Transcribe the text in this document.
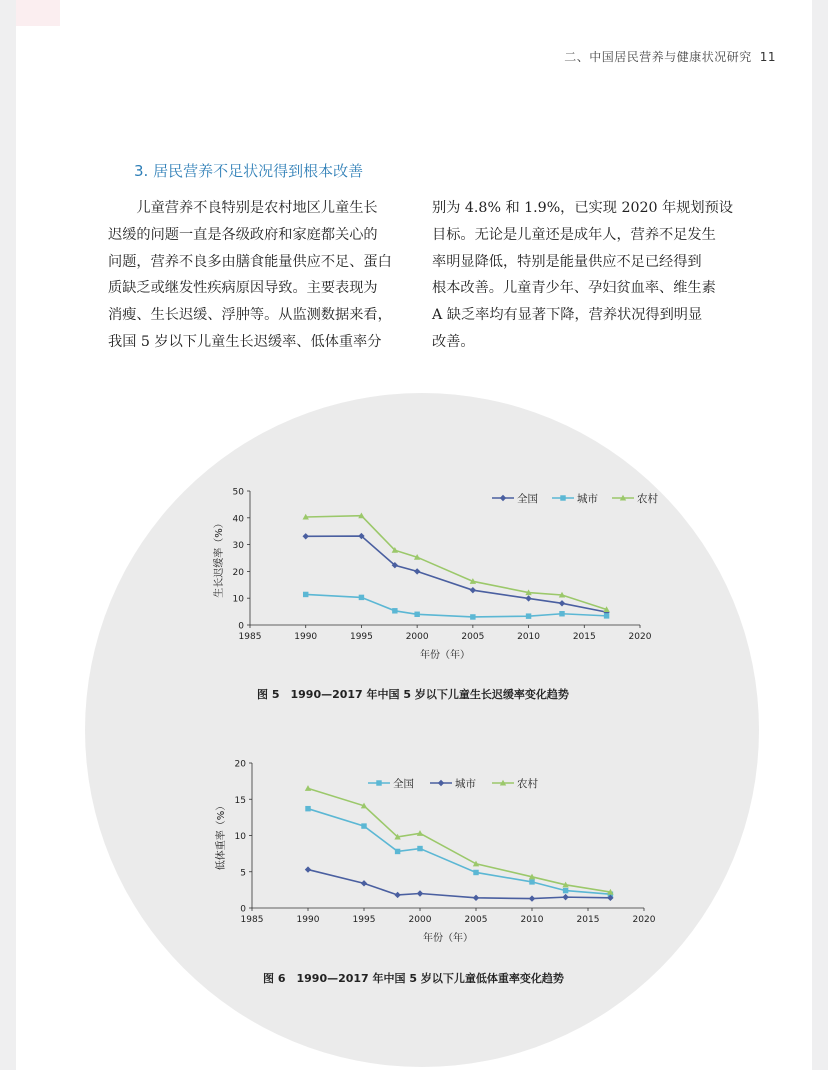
二、中国居民营养与健康状况研究 11
3. 居民营养不足状况得到根本改善

儿童营养不良特别是农村地区儿童生长

迟缓的问题一直是各级政府和家庭都关心的

问题，营养不良多由膳食能量供应不足、蛋白

质缺乏或继发性疾病原因导致。主要表现为

消瘦、生长迟缓、浮肿等。从监测数据来看，

我国 5 岁以下儿童生长迟缓率、低体重率分

别为 4.8% 和 1.9%，已实现 2020 年规划预设

目标。无论是儿童还是成年人，营养不足发生

率明显降低，特别是能量供应不足已经得到

根本改善。儿童青少年、孕妇贫血率、维生素

A 缺乏率均有显著下降，营养状况得到明显

改善。

0
10
20
30
40
50
1985	1990	1995	2000	2005	2010	2015	2020
年份（年）
生长迟缓率（%）
全国	城市	农村
图 5　1990—2017 年中国 5 岁以下儿童生长迟缓率变化趋势
0
5
10
15
20
1985	1990	1995	2000	2005	2010	2015	2020
年份（年）
低体重率（%）
全国	城市	农村
图 6　1990—2017 年中国 5 岁以下儿童低体重率变化趋势
